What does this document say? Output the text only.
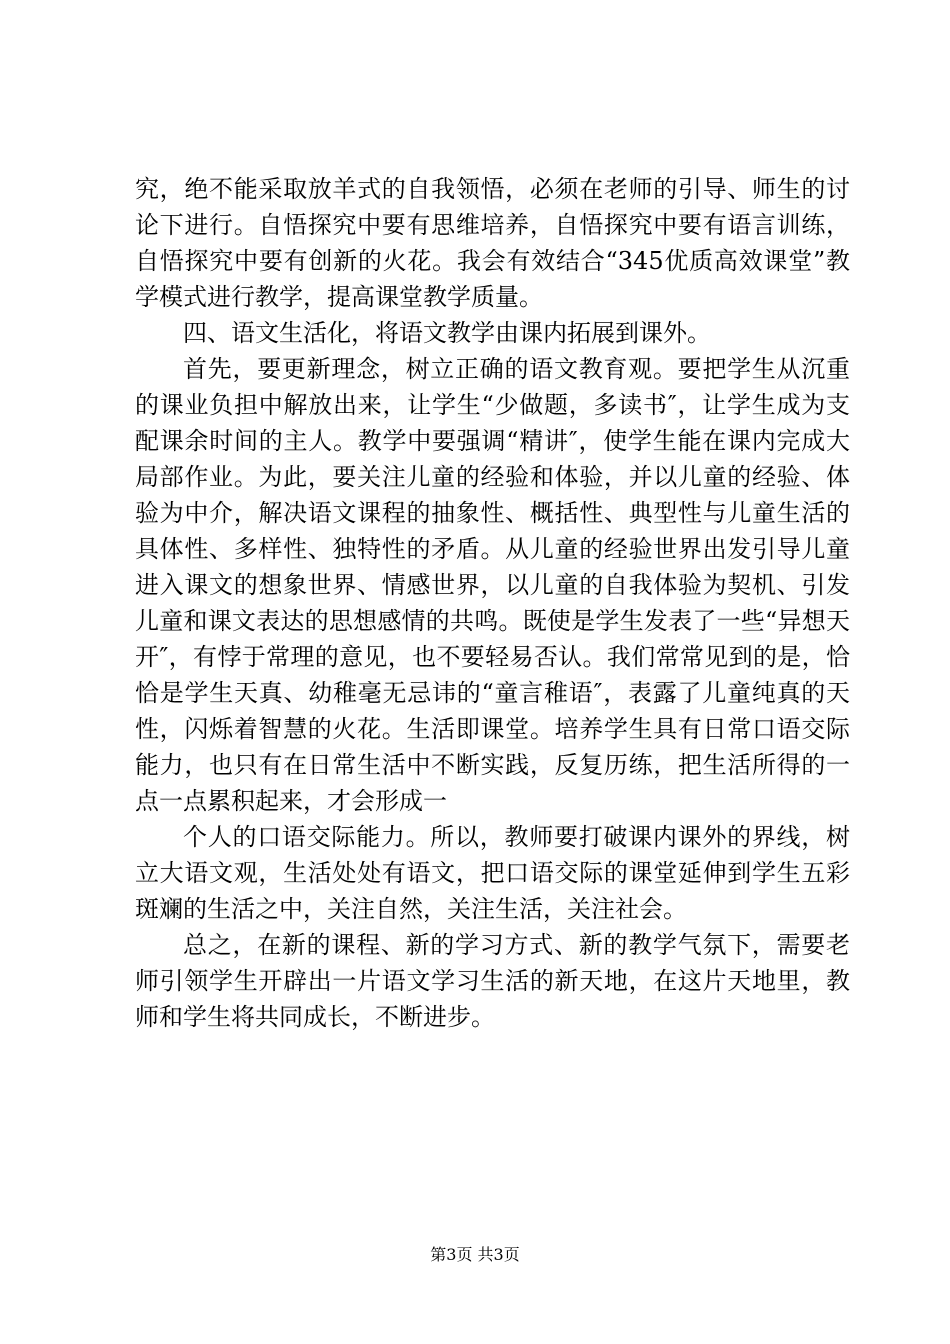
究，绝不能采取放羊式的自我领悟，必须在老师的引导、师生的讨论下进行。自悟探究中要有思维培养，自悟探究中要有语言训练，自悟探究中要有创新的火花。我会有效结合“345优质高效课堂”教学模式进行教学，提高课堂教学质量。

四、语文生活化，将语文教学由课内拓展到课外。

首先，要更新理念，树立正确的语文教育观。要把学生从沉重的课业负担中解放出来，让学生“少做题，多读书″，让学生成为支配课余时间的主人。教学中要强调“精讲″，使学生能在课内完成大局部作业。为此，要关注儿童的经验和体验，并以儿童的经验、体验为中介，解决语文课程的抽象性、概括性、典型性与儿童生活的具体性、多样性、独特性的矛盾。从儿童的经验世界出发引导儿童进入课文的想象世界、情感世界，以儿童的自我体验为契机、引发儿童和课文表达的思想感情的共鸣。既使是学生发表了一些“异想天开″，有悖于常理的意见，也不要轻易否认。我们常常见到的是，恰恰是学生天真、幼稚毫无忌讳的“童言稚语″，表露了儿童纯真的天性，闪烁着智慧的火花。生活即课堂。培养学生具有日常口语交际能力，也只有在日常生活中不断实践，反复历练，把生活所得的一点一点累积起来，才会形成一

个人的口语交际能力。所以，教师要打破课内课外的界线，树立大语文观，生活处处有语文，把口语交际的课堂延伸到学生五彩斑斓的生活之中，关注自然，关注生活，关注社会。

总之，在新的课程、新的学习方式、新的教学气氛下，需要老师引领学生开辟出一片语文学习生活的新天地，在这片天地里，教师和学生将共同成长，不断进步。

第3页 共3页
